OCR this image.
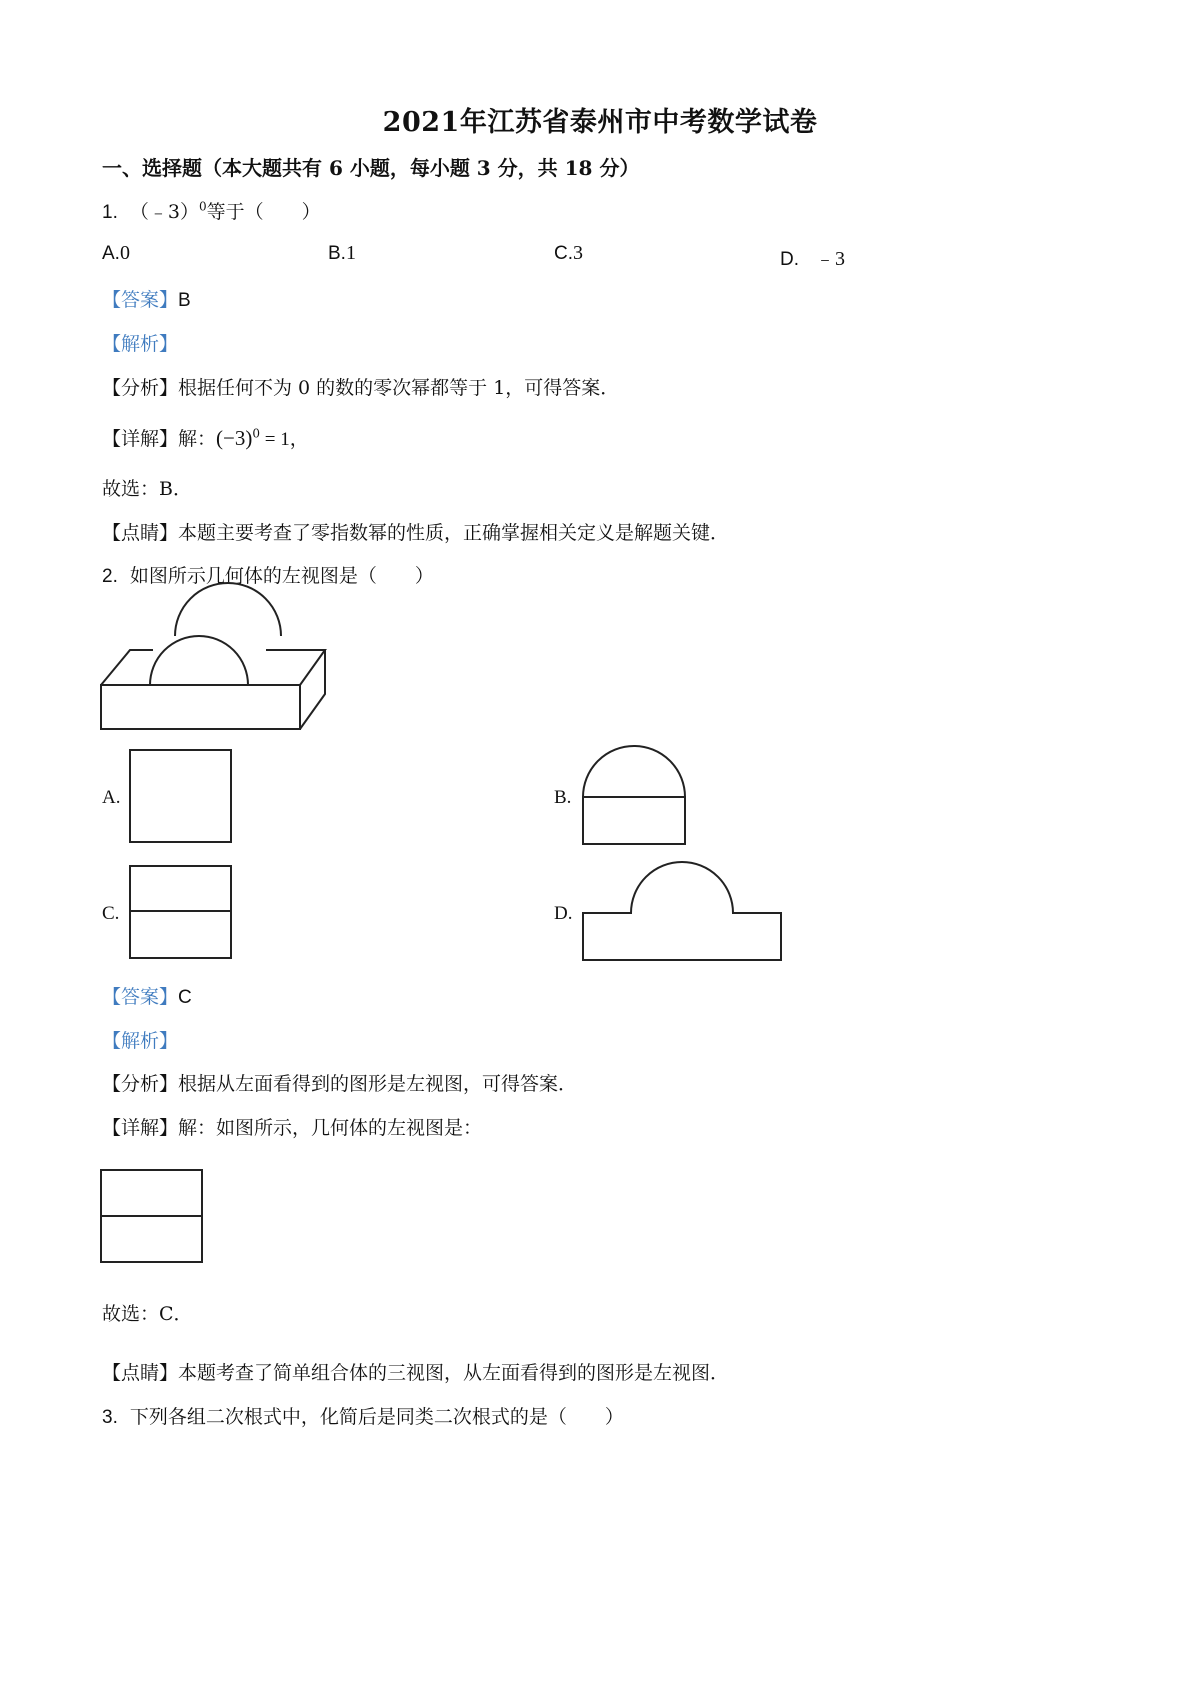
2021年江苏省泰州市中考数学试卷
一、选择题（本大题共有 6 小题，每小题 3 分，共 18 分）
1. （﹣3）$^0$等于（　　）
A.0	B.1	C.3	D. ﹣3
【答案】B
【解析】
【分析】根据任何不为 0 的数的零次幂都等于 1，可得答案．
【详解】解：$(-3)^0 = 1$，
故选：B．
【点睛】本题主要考查了零指数幂的性质，正确掌握相关定义是解题关键．
2. 如图所示几何体的左视图是（　　）
A.	B.
C.	D.
【答案】C
【解析】
【分析】根据从左面看得到的图形是左视图，可得答案．
【详解】解：如图所示，几何体的左视图是：
故选：C．
【点睛】本题考查了简单组合体的三视图，从左面看得到的图形是左视图．
3. 下列各组二次根式中，化简后是同类二次根式的是（　　）
